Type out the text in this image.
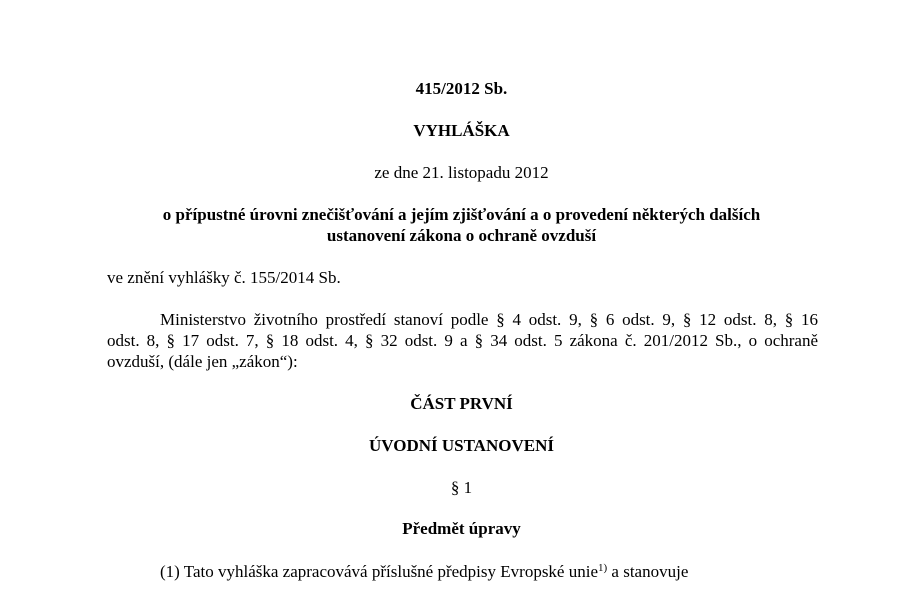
415/2012 Sb.
VYHLÁŠKA
ze dne 21. listopadu 2012
o přípustné úrovni znečišťování a jejím zjišťování a o provedení některých dalších
ustanovení zákona o ochraně ovzduší
ve znění vyhlášky č. 155/2014 Sb.
Ministerstvo životního prostředí stanoví podle § 4 odst. 9, § 6 odst. 9, § 12 odst. 8, § 16
odst. 8, § 17 odst. 7, § 18 odst. 4, § 32 odst. 9 a § 34 odst. 5 zákona č. 201/2012 Sb., o ochraně
ovzduší, (dále jen „zákon“):
ČÁST PRVNÍ
ÚVODNÍ USTANOVENÍ
§ 1
Předmět úpravy
(1) Tato vyhláška zapracovává příslušné předpisy Evropské unie$^{1)}$ a stanovuje
